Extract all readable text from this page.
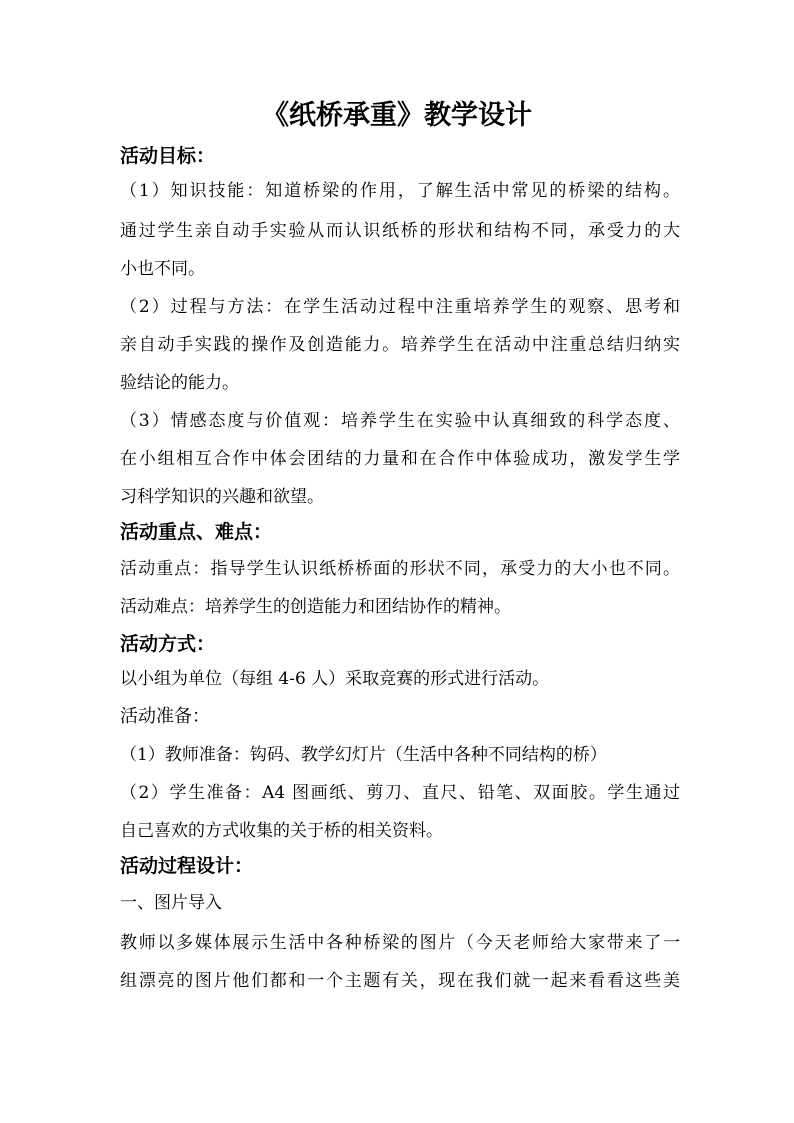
《纸桥承重》教学设计
活动目标：
（1）知识技能：知道桥梁的作用，了解生活中常见的桥梁的结构。
通过学生亲自动手实验从而认识纸桥的形状和结构不同，承受力的大
小也不同。
（2）过程与方法：在学生活动过程中注重培养学生的观察、思考和
亲自动手实践的操作及创造能力。培养学生在活动中注重总结归纳实
验结论的能力。
（3）情感态度与价值观：培养学生在实验中认真细致的科学态度、
在小组相互合作中体会团结的力量和在合作中体验成功，激发学生学
习科学知识的兴趣和欲望。
活动重点、难点：
活动重点：指导学生认识纸桥桥面的形状不同，承受力的大小也不同。
活动难点：培养学生的创造能力和团结协作的精神。
活动方式：
以小组为单位（每组 4-6 人）采取竞赛的形式进行活动。
活动准备：
（1）教师准备：钩码、教学幻灯片（生活中各种不同结构的桥）
（2）学生准备：A4 图画纸、剪刀、直尺、铅笔、双面胶。学生通过
自己喜欢的方式收集的关于桥的相关资料。
活动过程设计：
一、图片导入
教师以多媒体展示生活中各种桥梁的图片（今天老师给大家带来了一
组漂亮的图片他们都和一个主题有关，现在我们就一起来看看这些美
